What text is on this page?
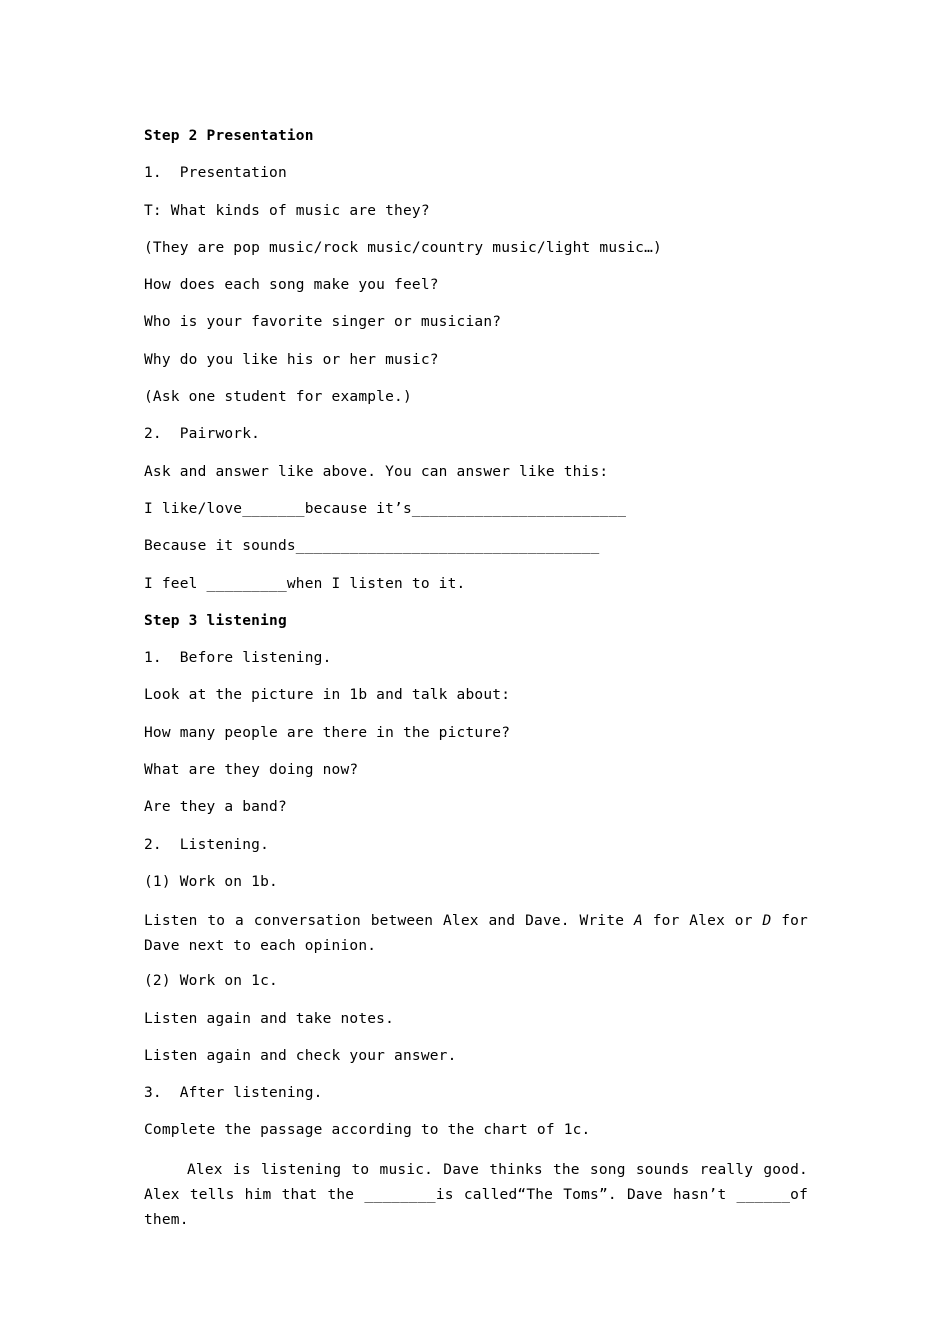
Step 2 Presentation
1.  Presentation
T: What kinds of music are they?
(They are pop music/rock music/country music/light music…)
How does each song make you feel?
Who is your favorite singer or musician?
Why do you like his or her music?
(Ask one student for example.)
2.  Pairwork.
Ask and answer like above. You can answer like this:
I like/love_______because it’s________________________
Because it sounds__________________________________
I feel _________when I listen to it.
Step 3 listening
1.  Before listening.
Look at the picture in 1b and talk about:
How many people are there in the picture?
What are they doing now?
Are they a band?
2.  Listening.
(1) Work on 1b.
Listen to a conversation between Alex and Dave. Write A for Alex or D for Dave next to each opinion.
(2) Work on 1c.
Listen again and take notes.
Listen again and check your answer.
3.  After listening.
Complete the passage according to the chart of 1c.
Alex is listening to music. Dave thinks the song sounds really good. Alex tells him that the ________is called“The Toms”. Dave hasn’t ______of them.
